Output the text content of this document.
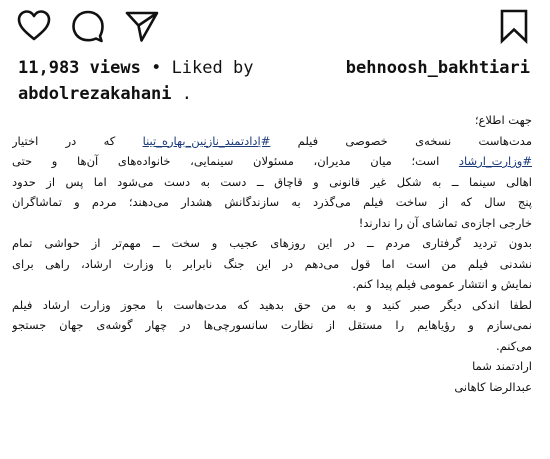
11,983 views • Liked by	behnoosh_bakhtiari
abdolrezakahani .
جهت اطلاع؛
مدت‌هاست نسخه‌ی خصوصی فیلم #اِدادتمند_نازنین_بهاره_تینا که در اختیار
#وزارت_ارشاد است؛ میان مدیران، مسئولان سینمایی، خانواده‌های آن‌ها و حتی
اهالی سینما ــ به شکل غیر قانونی و قاچاق ــ دست به دست می‌شود اما پس از حدود
پنج سال که از ساخت فیلم می‌گذرد به سازندگانش هشدار می‌دهند؛ مردم و تماشاگران
خارجی اجازه‌ی تماشای آن را ندارند!
بدون تردید گرفتاری مردم ــ در این روزهای عجیب و سخت ــ مهم‌تر از حواشی تمام
نشدنی فیلم من است اما قول می‌دهم در این جنگ نابرابر با وزارت ارشاد، راهی برای
نمایش و انتشار عمومی فیلم پیدا کنم.
لطفا اندکی دیگر صبر کنید و به من حق بدهید که مدت‌هاست با مجوز وزارت ارشاد فیلم
نمی‌سازم و رؤیاهایم را مستقل از نظارت سانسورچی‌ها در چهار گوشه‌ی جهان جستجو
می‌کنم.
ارادتمند شما
عبدالرضا کاهانی
